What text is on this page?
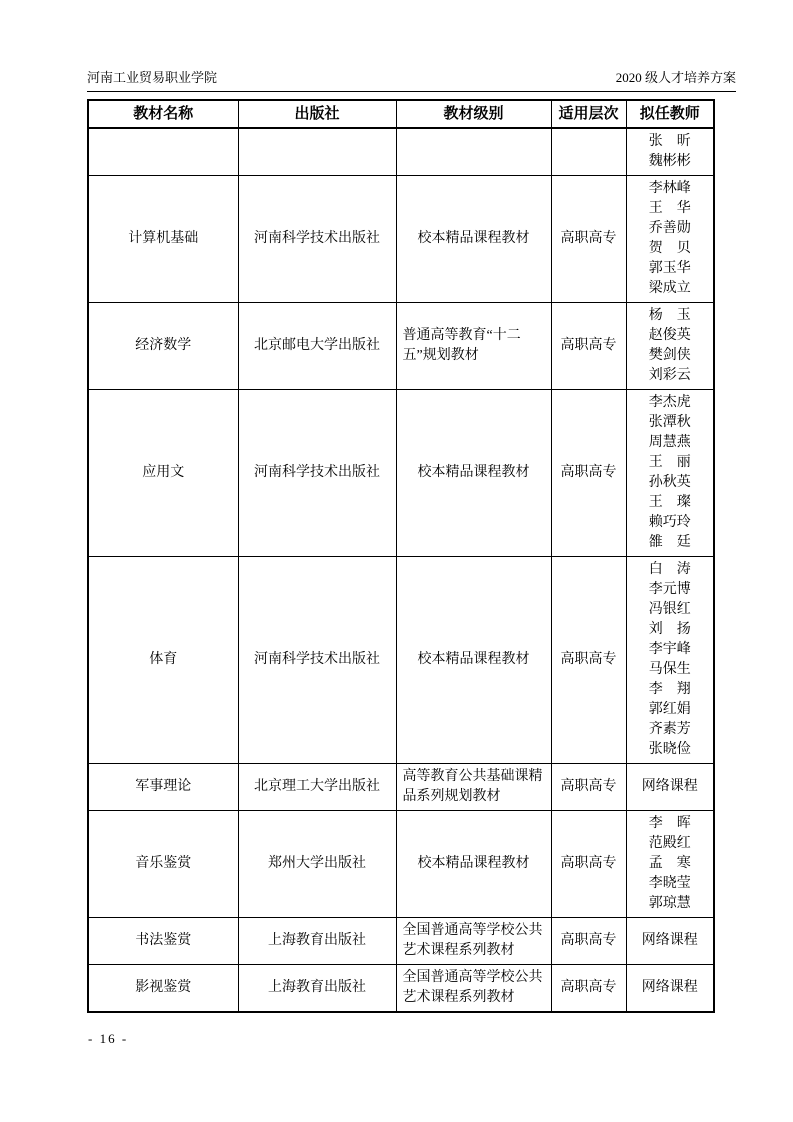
河南工业贸易职业学院	2020 级人才培养方案
教材名称	出版社	教材级别	适用层次	拟任教师

				张　昕
魏彬彬

计算机基础	河南科学技术出版社	校本精品课程教材	高职高专	
李林峰
王　华
乔善勋
贺　贝
郭玉华
梁成立

经济数学	北京邮电大学出版社	普通高等教育“十二五”规划教材	高职高专	杨　玉
赵俊英
樊剑侠
刘彩云

应用文	河南科学技术出版社	校本精品课程教材	高职高专	
李杰虎
张潭秋
周慧燕
王　丽
孙秋英
王　璨
赖巧玲
雒　廷

体育	河南科学技术出版社	校本精品课程教材	高职高专	
白　涛
李元博
冯银红
刘　扬
李宇峰
马保生
李　翔
郭红娟
齐素芳
张晓俭

军事理论	北京理工大学出版社	高等教育公共基础课精品系列规划教材	高职高专	网络课程

音乐鉴赏	郑州大学出版社	校本精品课程教材	高职高专	李　晖
范殿红
孟　寒
李晓莹
郭琼慧

书法鉴赏	上海教育出版社	全国普通高等学校公共艺术课程系列教材	高职高专	网络课程

影视鉴赏	上海教育出版社	全国普通高等学校公共艺术课程系列教材	高职高专	网络课程
- 16 -
